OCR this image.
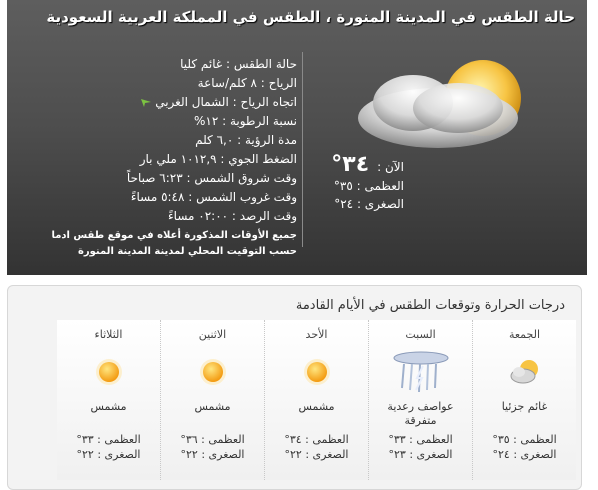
حالة الطقس في المدينة المنورة ، الطقس في المملكة العربية السعودية
حالة الطقس : غائم كليا
الرياح : ٨ كلم/ساعة
اتجاه الرياح : الشمال الغربي
نسبة الرطوبة : ١٢%
مدة الرؤية : ٦,٠ كلم
الضغط الجوي : ١٠١٢,٩ ملي بار
وقت شروق الشمس : ٦:٢٣ صباحاً
وقت غروب الشمس : ٥:٤٨ مساءً
وقت الرصد : ٠٢:٠٠ مساءً
جميع الأوقات المذكورة أعلاه في موقع طقس ادما
حسب التوقيت المحلي لمدينة المدينة المنورة
الآن :
٣٤°
العظمى : ٣٥°
الصغرى : ٢٤°
درجات الحرارة وتوقعات الطقس في الأيام القادمة
الجمعة
غائم جزئيا
العظمى : ٣٥°
الصغرى : ٢٤°
السبت
عواصف رعدية متفرقة
العظمى : ٣٣°
الصغرى : ٢٣°
الأحد
مشمس
العظمى : ٣٤°
الصغرى : ٢٢°
الاثنين
مشمس
العظمى : ٣٦°
الصغرى : ٢٢°
الثلاثاء
مشمس
العظمى : ٣٣°
الصغرى : ٢٢°
